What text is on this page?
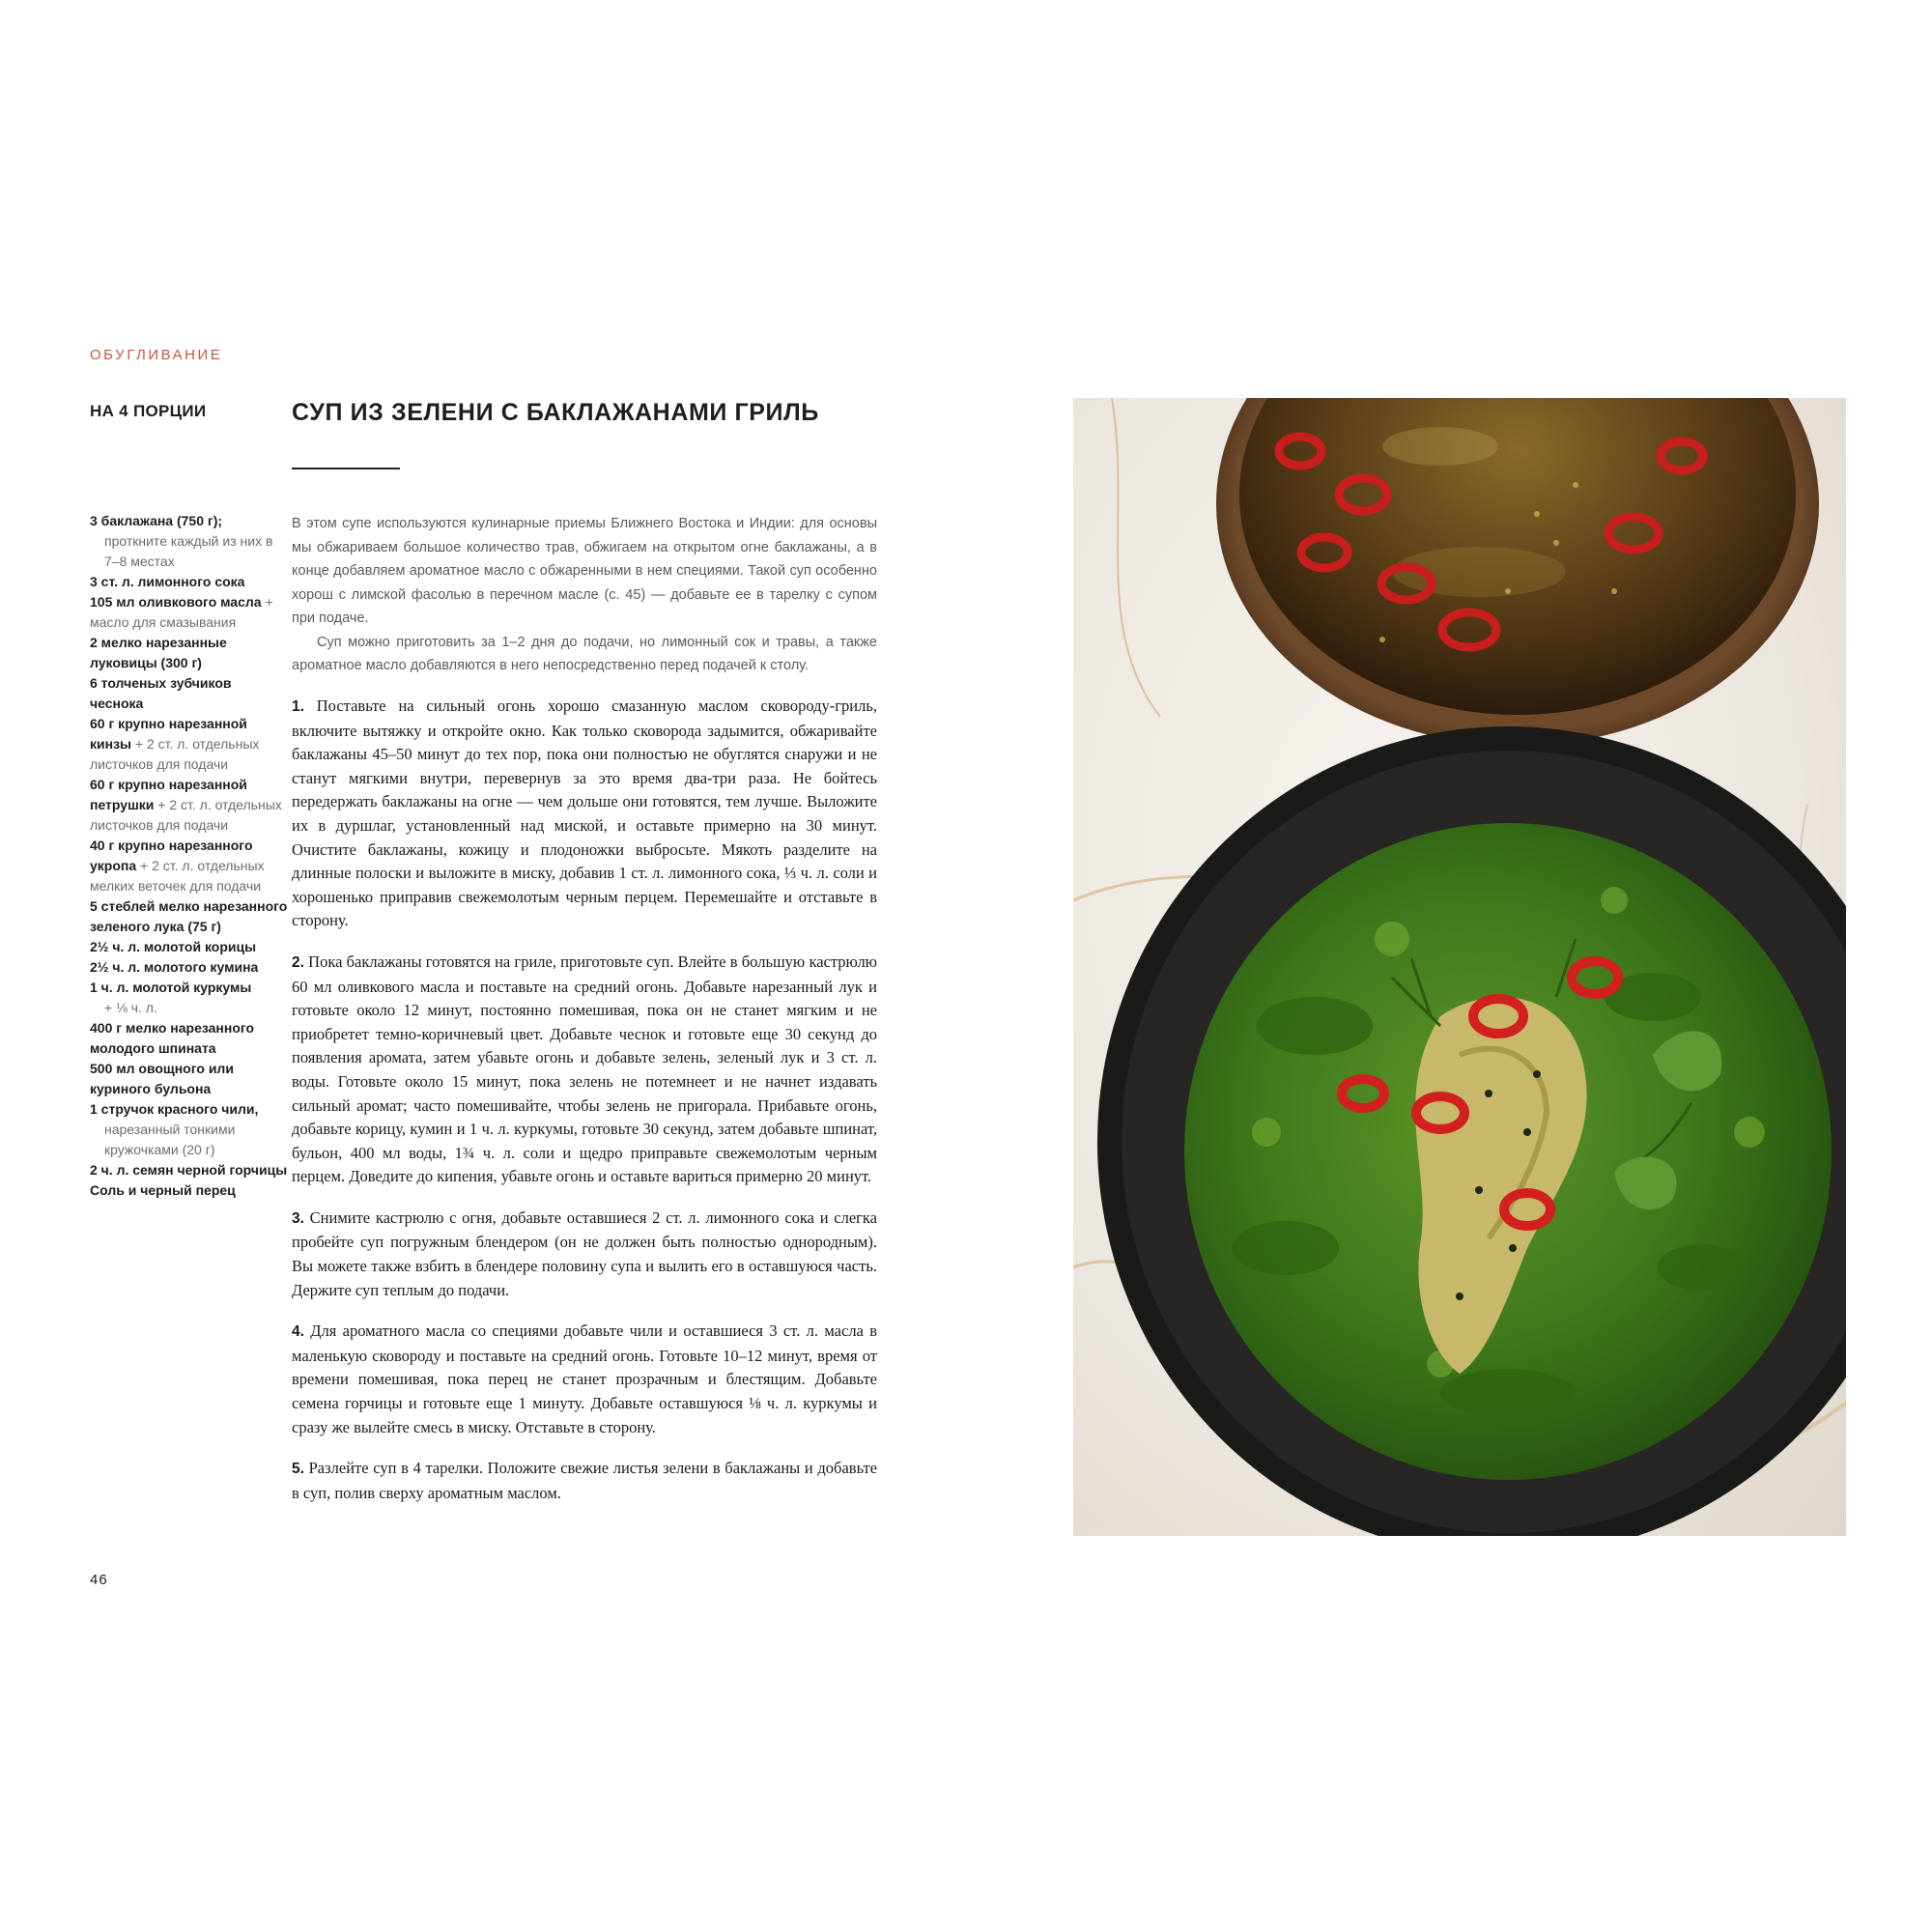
ОБУГЛИВАНИЕ
НА 4 ПОРЦИИ	СУП ИЗ ЗЕЛЕНИ С БАКЛАЖАНАМИ ГРИЛЬ

3 баклажана (750 г);
проткните каждый из них в 7–8 местах

3 ст. л. лимонного сока

105 мл оливкового масла + масло для смазывания

2 мелко нарезанные луковицы (300 г)

6 толченых зубчиков чеснока

60 г крупно нарезанной кинзы + 2 ст. л. отдельных листочков для подачи

60 г крупно нарезанной петрушки + 2 ст. л. отдельных листочков для подачи

40 г крупно нарезанного укропа + 2 ст. л. отдельных мелких веточек для подачи

5 стеблей мелко нарезанного зеленого лука (75 г)

2½ ч. л. молотой корицы

2½ ч. л. молотого кумина

1 ч. л. молотой куркумы
+ ⅛ ч. л.

400 г мелко нарезанного молодого шпината

500 мл овощного или куриного бульона

1 стручок красного чили,
нарезанный тонкими кружочками (20 г)

2 ч. л. семян черной горчицы

Соль и черный перец

В этом супе используются кулинарные приемы Ближнего Востока и Индии: для основы мы обжариваем большое количество трав, обжигаем на открытом огне баклажаны, а в конце добавляем ароматное масло с обжаренными в нем специями. Такой суп особенно хорош с лимской фасолью в перечном масле (с. 45) — добавьте ее в тарелку с супом при подаче.

Суп можно приготовить за 1–2 дня до подачи, но лимонный сок и травы, а также ароматное масло добавляются в него непосредственно перед подачей к столу.

1. Поставьте на сильный огонь хорошо смазанную маслом сковороду-гриль, включите вытяжку и откройте окно. Как только сковорода задымится, обжаривайте баклажаны 45–50 минут до тех пор, пока они полностью не обуглятся снаружи и не станут мягкими внутри, перевернув за это время два-три раза. Не бойтесь передержать баклажаны на огне — чем дольше они готовятся, тем лучше. Выложите их в дуршлаг, установленный над миской, и оставьте примерно на 30 минут. Очистите баклажаны, кожицу и плодоножки выбросьте. Мякоть разделите на длинные полоски и выложите в миску, добавив 1 ст. л. лимонного сока, ⅓ ч. л. соли и хорошенько приправив свежемолотым черным перцем. Перемешайте и отставьте в сторону.

2. Пока баклажаны готовятся на гриле, приготовьте суп. Влейте в большую кастрюлю 60 мл оливкового масла и поставьте на средний огонь. Добавьте нарезанный лук и готовьте около 12 минут, постоянно помешивая, пока он не станет мягким и не приобретет темно-коричневый цвет. Добавьте чеснок и готовьте еще 30 секунд до появления аромата, затем убавьте огонь и добавьте зелень, зеленый лук и 3 ст. л. воды. Готовьте около 15 минут, пока зелень не потемнеет и не начнет издавать сильный аромат; часто помешивайте, чтобы зелень не пригорала. Прибавьте огонь, добавьте корицу, кумин и 1 ч. л. куркумы, готовьте 30 секунд, затем добавьте шпинат, бульон, 400 мл воды, 1¾ ч. л. соли и щедро приправьте свежемолотым черным перцем. Доведите до кипения, убавьте огонь и оставьте вариться примерно 20 минут.

3. Снимите кастрюлю с огня, добавьте оставшиеся 2 ст. л. лимонного сока и слегка пробейте суп погружным блендером (он не должен быть полностью однородным). Вы можете также взбить в блендере половину супа и вылить его в оставшуюся часть. Держите суп теплым до подачи.

4. Для ароматного масла со специями добавьте чили и оставшиеся 3 ст. л. масла в маленькую сковороду и поставьте на средний огонь. Готовьте 10–12 минут, время от времени помешивая, пока перец не станет прозрачным и блестящим. Добавьте семена горчицы и готовьте еще 1 минуту. Добавьте оставшуюся ⅛ ч. л. куркумы и сразу же вылейте смесь в миску. Отставьте в сторону.

5. Разлейте суп в 4 тарелки. Положите свежие листья зелени в баклажаны и добавьте в суп, полив сверху ароматным маслом.

46
